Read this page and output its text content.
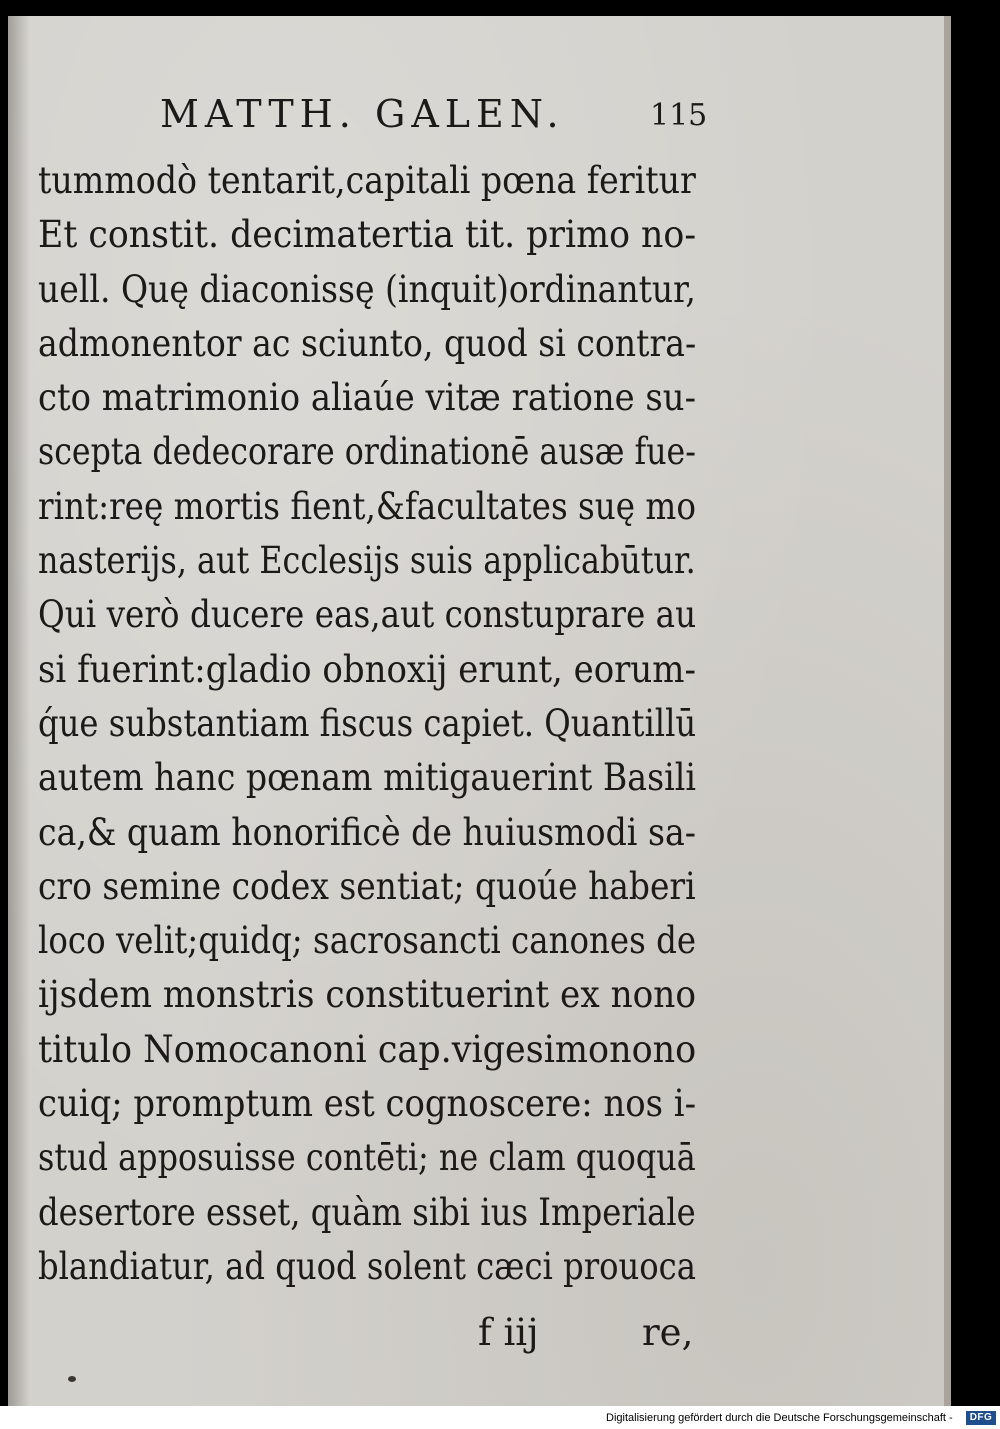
MATTH. GALEN.	115
tummodò tentarit,capitali pœna feritur
Et constit. decimatertia tit. primo no-
uell. Quę diaconissę (inquit)ordinantur,
admonentor ac sciunto, quod si contra-
cto matrimonio aliaúe vitæ ratione su-
scepta dedecorare ordinationē ausæ fue-
rint:reę mortis fient,&facultates suę mo
nasterijs, aut Ecclesijs suis applicabūtur.
Qui verò ducere eas,aut constuprare au
si fuerint:gladio obnoxij erunt, eorum-
q́ue substantiam fiscus capiet. Quantillū
autem hanc pœnam mitigauerint Basili
ca,& quam honorificè de huiusmodi sa-
cro semine codex sentiat; quoúe haberi
loco velit;quidq; sacrosancti canones de
ijsdem monstris constituerint ex nono
titulo Nomocanoni cap.vigesimonono
cuiq; promptum est cognoscere: nos i-
stud apposuisse contēti; ne clam quoquā
desertore esset, quàm sibi ius Imperiale
blandiatur, ad quod solent cæci prouoca
f iij	re,
Digitalisierung gefördert durch die Deutsche Forschungsgemeinschaft -	DFG
